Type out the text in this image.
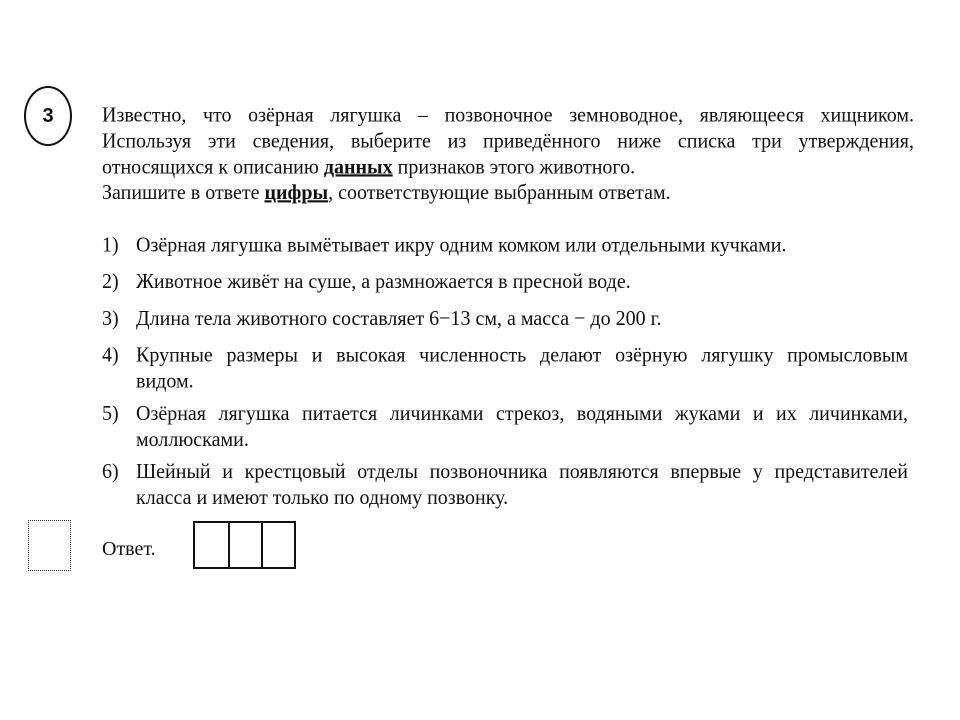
3 Известно, что озёрная лягушка – позвоночное земноводное, являющееся хищником.
Используя эти сведения, выберите из приведённого ниже списка три утверждения,
относящихся к описанию данных признаков этого животного.
Запишите в ответе цифры, соответствующие выбранным ответам.
1) Озёрная лягушка вымётывает икру одним комком или отдельными кучками.
2) Животное живёт на суше, а размножается в пресной воде.
3) Длина тела животного составляет 6−13 см, а масса − до 200 г.
4) Крупные размеры и высокая численность делают озёрную лягушку промысловым
видом.
5) Озёрная лягушка питается личинками стрекоз, водяными жуками и их личинками,
моллюсками.
6) Шейный и крестцовый отделы позвоночника появляются впервые у представителей
класса и имеют только по одному позвонку.
Ответ.
